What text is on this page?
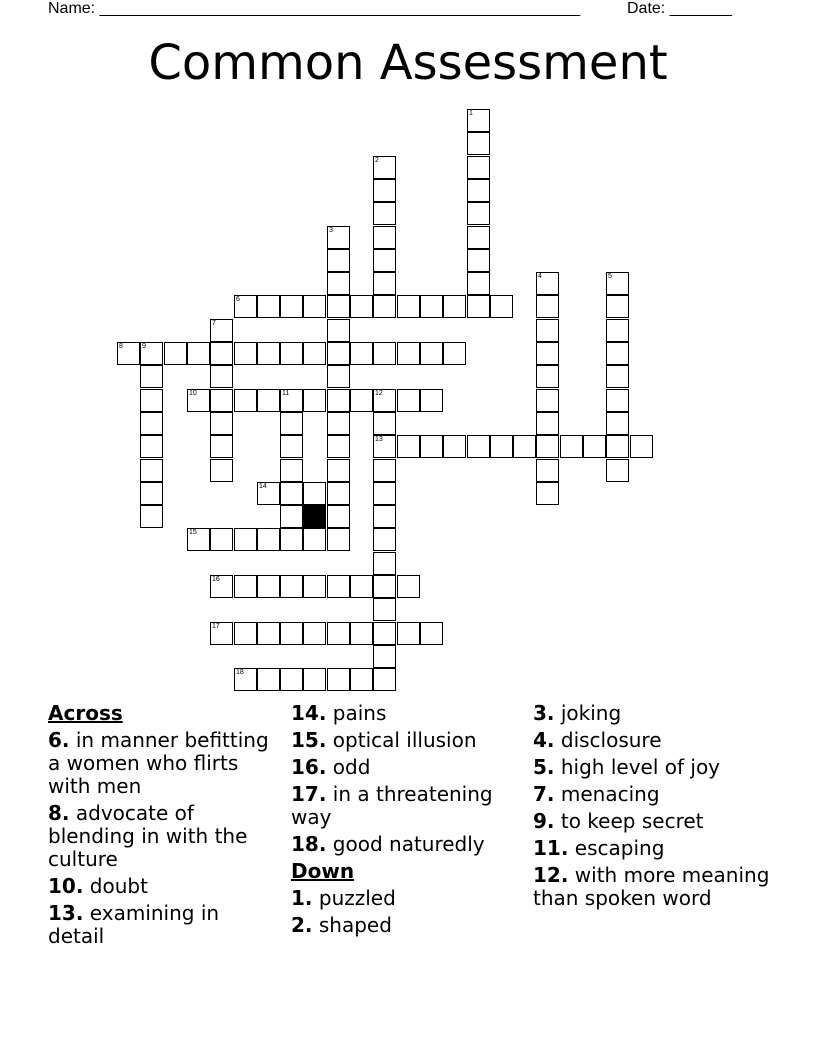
Name: ______________________________________________________	Date: _______
Common Assessment
1
2
3
4	5
6
7
8	9
10	11	12
13
14
15
16
17
18
Across
6. in manner befitting a women who flirts with men
8. advocate of blending in with the culture
10. doubt
13. examining in detail
14. pains
15. optical illusion
16. odd
17. in a threatening way
18. good naturedly
Down
1. puzzled
2. shaped
3. joking
4. disclosure
5. high level of joy
7. menacing
9. to keep secret
11. escaping
12. with more meaning than spoken word
